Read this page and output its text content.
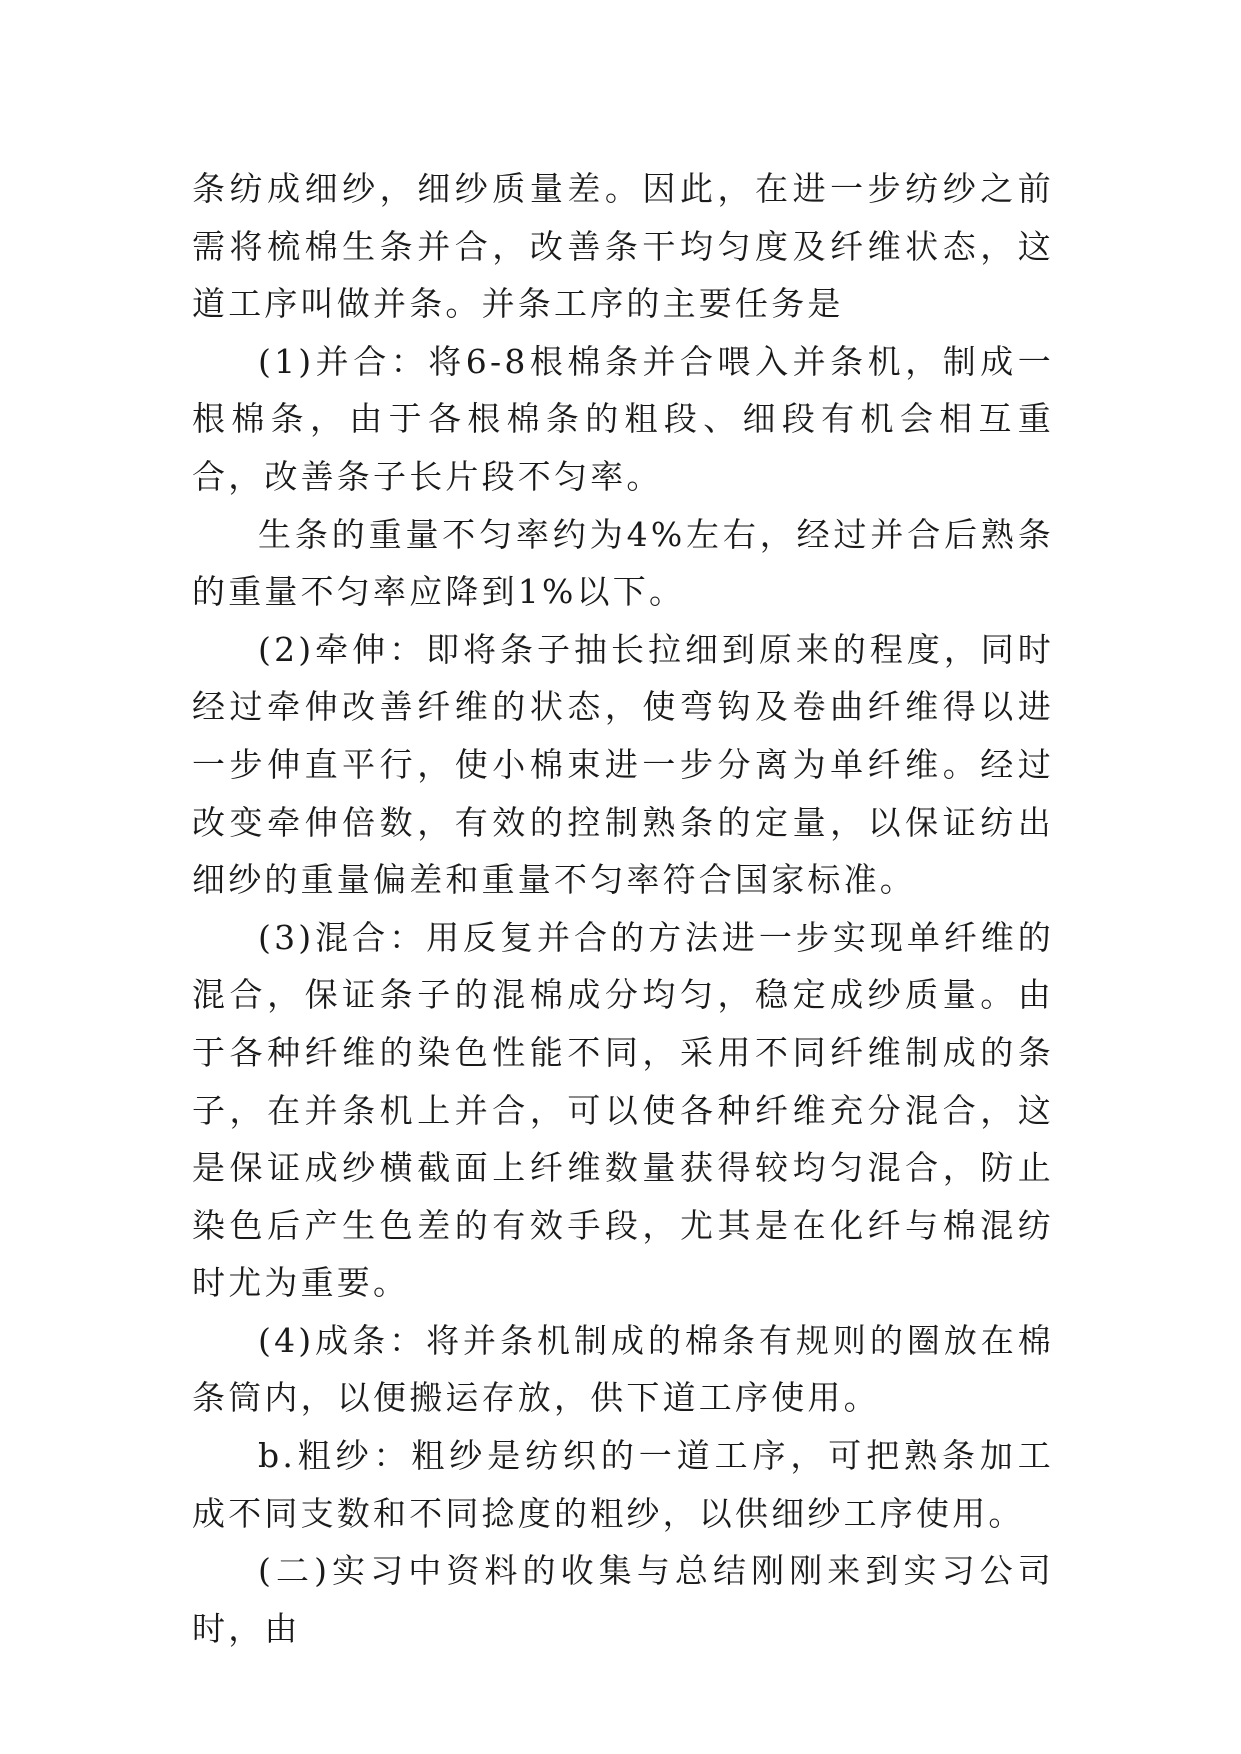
条纺成细纱，细纱质量差。因此，在进一步纺纱之前需将梳棉生条并合，改善条干均匀度及纤维状态，这道工序叫做并条。并条工序的主要任务是

(1)并合：将6-8根棉条并合喂入并条机，制成一根棉条，由于各根棉条的粗段、细段有机会相互重合，改善条子长片段不匀率。

生条的重量不匀率约为4%左右，经过并合后熟条的重量不匀率应降到1%以下。

(2)牵伸：即将条子抽长拉细到原来的程度，同时经过牵伸改善纤维的状态，使弯钩及卷曲纤维得以进一步伸直平行，使小棉束进一步分离为单纤维。经过改变牵伸倍数，有效的控制熟条的定量，以保证纺出细纱的重量偏差和重量不匀率符合国家标准。

(3)混合：用反复并合的方法进一步实现单纤维的混合，保证条子的混棉成分均匀，稳定成纱质量。由于各种纤维的染色性能不同，采用不同纤维制成的条子，在并条机上并合，可以使各种纤维充分混合，这是保证成纱横截面上纤维数量获得较均匀混合，防止染色后产生色差的有效手段，尤其是在化纤与棉混纺时尤为重要。

(4)成条：将并条机制成的棉条有规则的圈放在棉条筒内，以便搬运存放，供下道工序使用。

b.粗纱：粗纱是纺织的一道工序，可把熟条加工成不同支数和不同捻度的粗纱，以供细纱工序使用。

(二)实习中资料的收集与总结刚刚来到实习公司时，由
